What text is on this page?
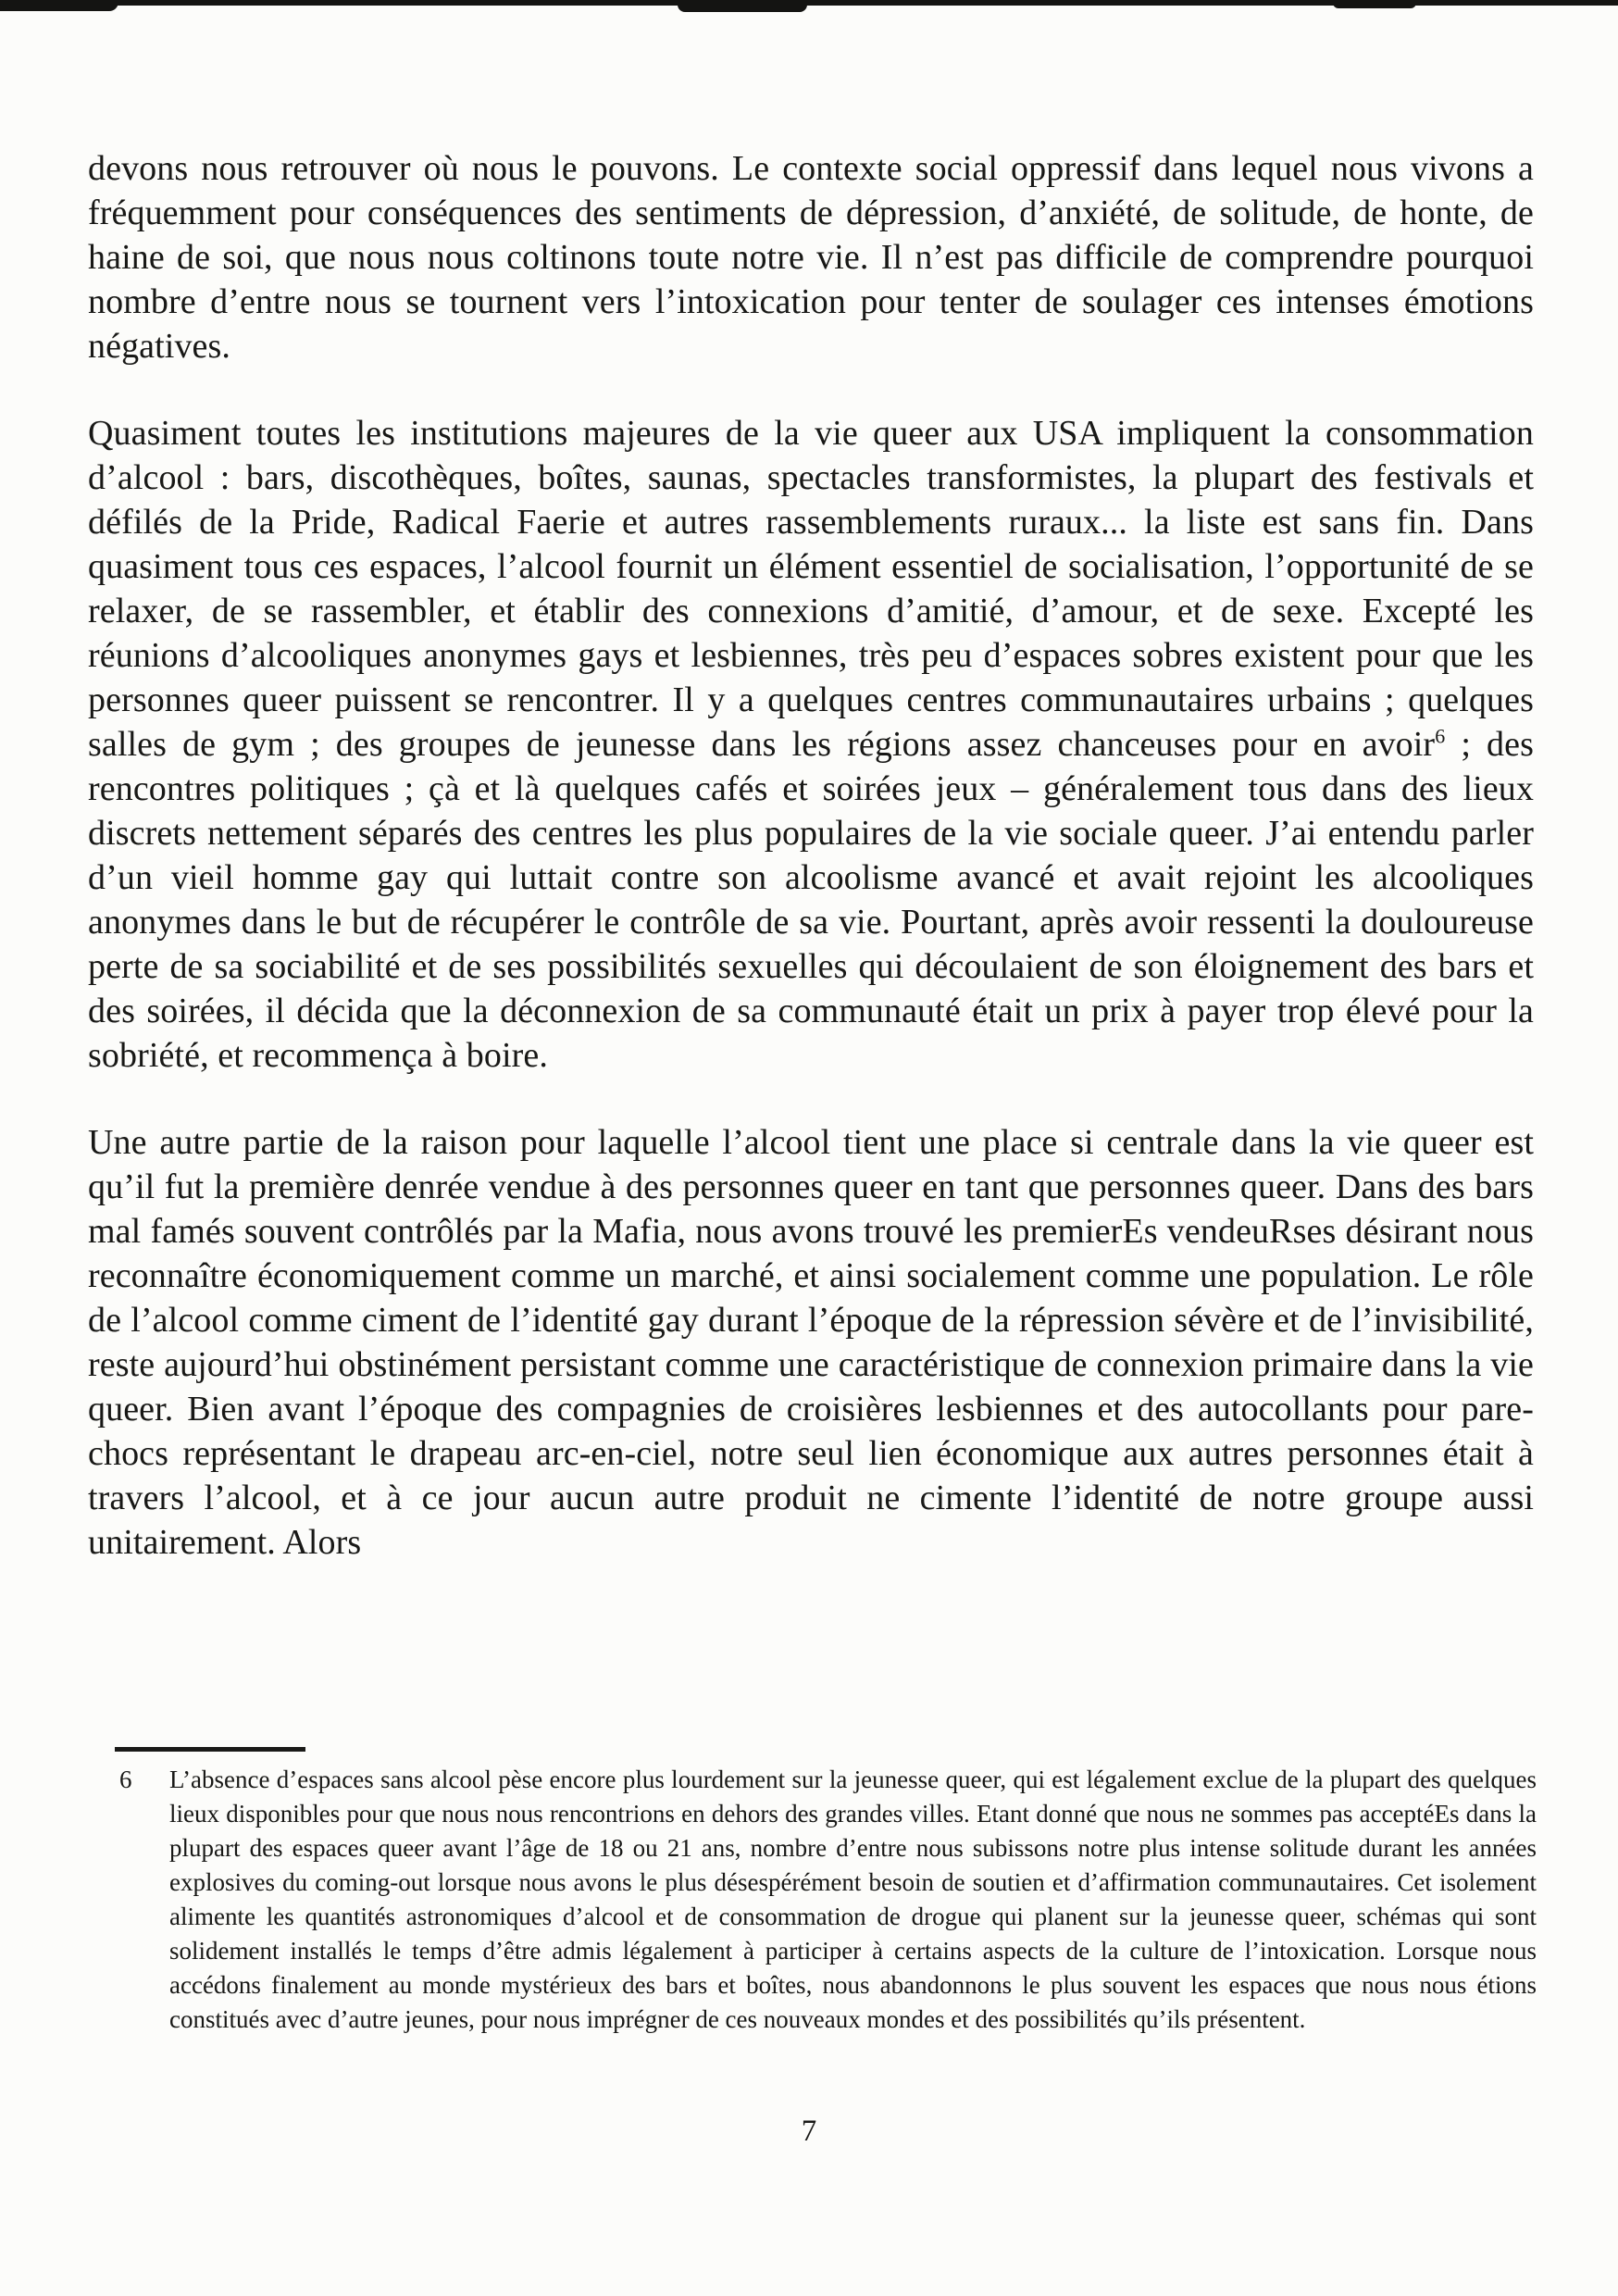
devons nous retrouver où nous le pouvons. Le contexte social oppressif dans lequel nous vivons a fréquemment pour conséquences des sentiments de dépression, d’anxiété, de solitude, de honte, de haine de soi, que nous nous coltinons toute notre vie. Il n’est pas difficile de comprendre pourquoi nombre d’entre nous se tournent vers l’intoxication pour tenter de soulager ces intenses émotions négatives.

Quasiment toutes les institutions majeures de la vie queer aux USA impliquent la consommation d’alcool : bars, discothèques, boîtes, saunas, spectacles transformistes, la plupart des festivals et défilés de la Pride, Radical Faerie et autres rassemblements ruraux... la liste est sans fin. Dans quasiment tous ces espaces, l’alcool fournit un élément essentiel de socialisation, l’opportunité de se relaxer, de se rassembler, et établir des connexions d’amitié, d’amour, et de sexe. Excepté les réunions d’alcooliques anonymes gays et lesbiennes, très peu d’espaces sobres existent pour que les personnes queer puissent se rencontrer. Il y a quelques centres communautaires urbains ; quelques salles de gym ; des groupes de jeunesse dans les régions assez chanceuses pour en avoir$^6$ ; des rencontres politiques ; çà et là quelques cafés et soirées jeux – généralement tous dans des lieux discrets nettement séparés des centres les plus populaires de la vie sociale queer. J’ai entendu parler d’un vieil homme gay qui luttait contre son alcoolisme avancé et avait rejoint les alcooliques anonymes dans le but de récupérer le contrôle de sa vie. Pourtant, après avoir ressenti la douloureuse perte de sa sociabilité et de ses possibilités sexuelles qui découlaient de son éloignement des bars et des soirées, il décida que la déconnexion de sa communauté était un prix à payer trop élevé pour la sobriété, et recommença à boire.

Une autre partie de la raison pour laquelle l’alcool tient une place si centrale dans la vie queer est qu’il fut la première denrée vendue à des personnes queer en tant que personnes queer. Dans des bars mal famés souvent contrôlés par la Mafia, nous avons trouvé les premierEs vendeuRses désirant nous reconnaître économiquement comme un marché, et ainsi socialement comme une population. Le rôle de l’alcool comme ciment de l’identité gay durant l’époque de la répression sévère et de l’invisibilité, reste aujourd’hui obstinément persistant comme une caractéristique de connexion primaire dans la vie queer. Bien avant l’époque des compagnies de croisières lesbiennes et des autocollants pour pare-chocs représentant le drapeau arc-en-ciel, notre seul lien économique aux autres personnes était à travers l’alcool, et à ce jour aucun autre produit ne cimente l’identité de notre groupe aussi unitairement. Alors

6 L’absence d’espaces sans alcool pèse encore plus lourdement sur la jeunesse queer, qui est légalement exclue de la plupart des quelques lieux disponibles pour que nous nous rencontrions en dehors des grandes villes. Etant donné que nous ne sommes pas acceptéEs dans la plupart des espaces queer avant l’âge de 18 ou 21 ans, nombre d’entre nous subissons notre plus intense solitude durant les années explosives du coming-out lorsque nous avons le plus désespérément besoin de soutien et d’affirmation communautaires. Cet isolement alimente les quantités astronomiques d’alcool et de consommation de drogue qui planent sur la jeunesse queer, schémas qui sont solidement installés le temps d’être admis légalement à participer à certains aspects de la culture de l’intoxication. Lorsque nous accédons finalement au monde mystérieux des bars et boîtes, nous abandonnons le plus souvent les espaces que nous nous étions constitués avec d’autre jeunes, pour nous imprégner de ces nouveaux mondes et des possibilités qu’ils présentent.
7
